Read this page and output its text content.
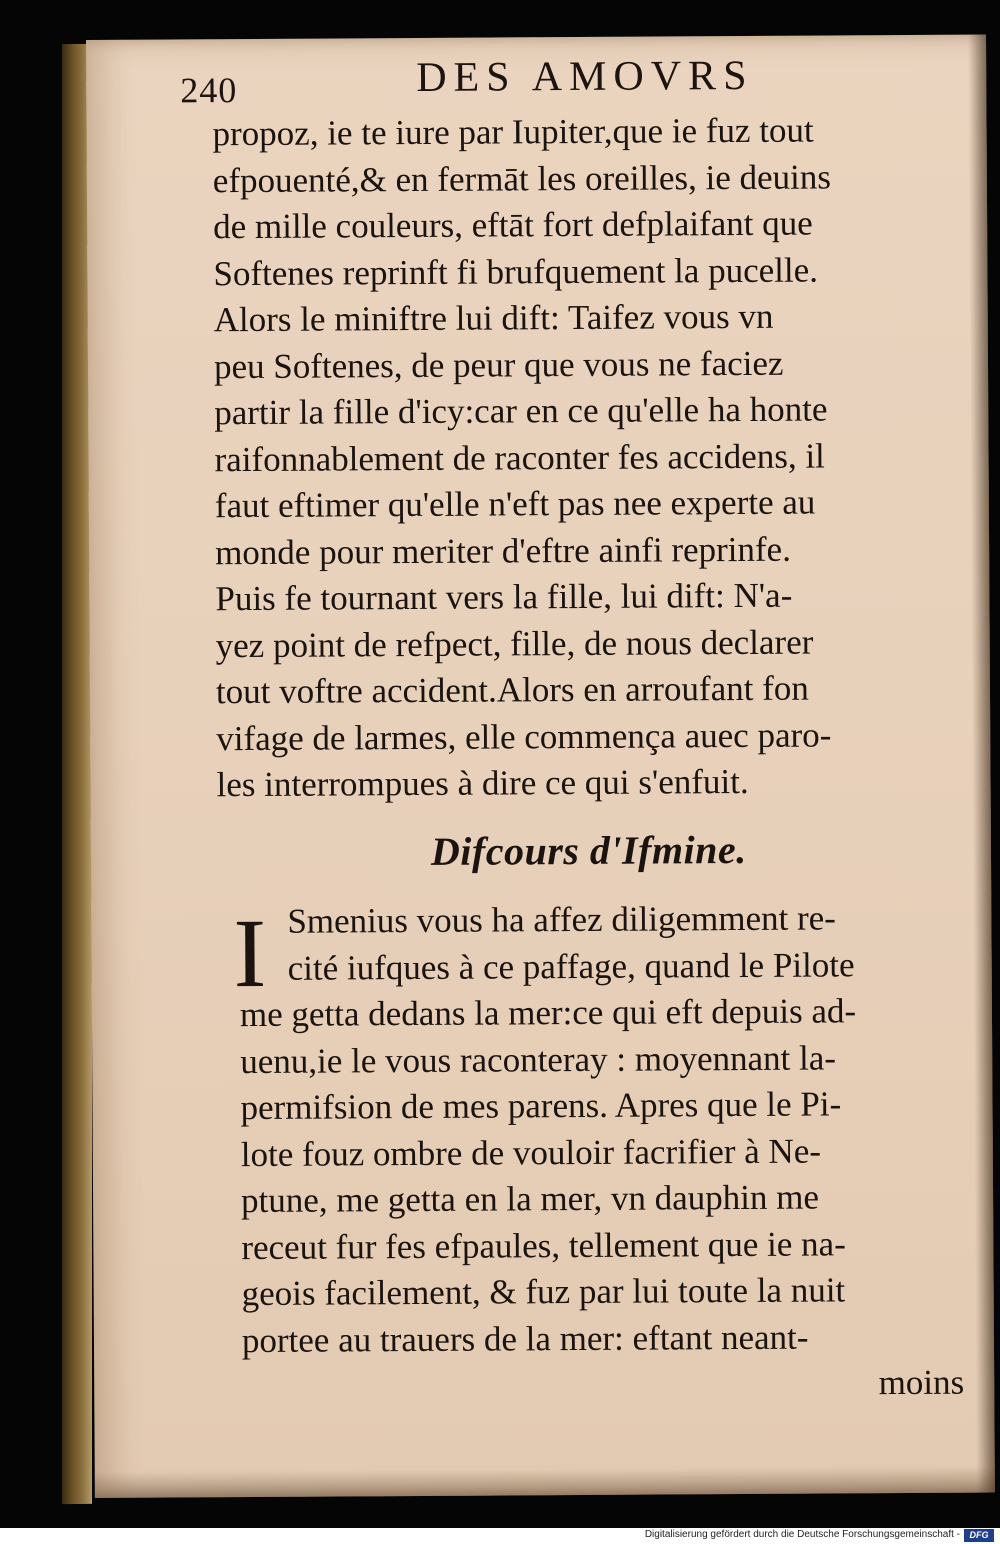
240	DES AMOVRS
propoz, ie te iure par Iupiter,que ie fuz tout
efpouenté,& en fermāt les oreilles, ie deuins
de mille couleurs, eftāt fort defplaifant que
Softenes reprinft fi brufquement la pucelle.
Alors le miniftre lui dift: Taifez vous vn
peu Softenes, de peur que vous ne faciez
partir la fille d'icy:car en ce qu'elle ha honte
raifonnablement de raconter fes accidens, il
faut eftimer qu'elle n'eft pas nee experte au
monde pour meriter d'eftre ainfi reprinfe.
Puis fe tournant vers la fille, lui dift: N'a-
yez point de refpect, fille, de nous declarer
tout voftre accident.Alors en arroufant fon
vifage de larmes, elle commença auec paro-
les interrompues à dire ce qui s'enfuit.
Difcours d'Ifmine.
I Smenius vous ha affez diligemment re-
cité iufques à ce paffage, quand le Pilote
me getta dedans la mer:ce qui eft depuis ad-
uenu,ie le vous raconteray : moyennant la-
permifsion de mes parens. Apres que le Pi-
lote fouz ombre de vouloir facrifier à Ne-
ptune, me getta en la mer, vn dauphin me
receut fur fes efpaules, tellement que ie na-
geois facilement, & fuz par lui toute la nuit
portee au trauers de la mer: eftant neant-
moins
Digitalisierung gefördert durch die Deutsche Forschungsgemeinschaft -	DFG
